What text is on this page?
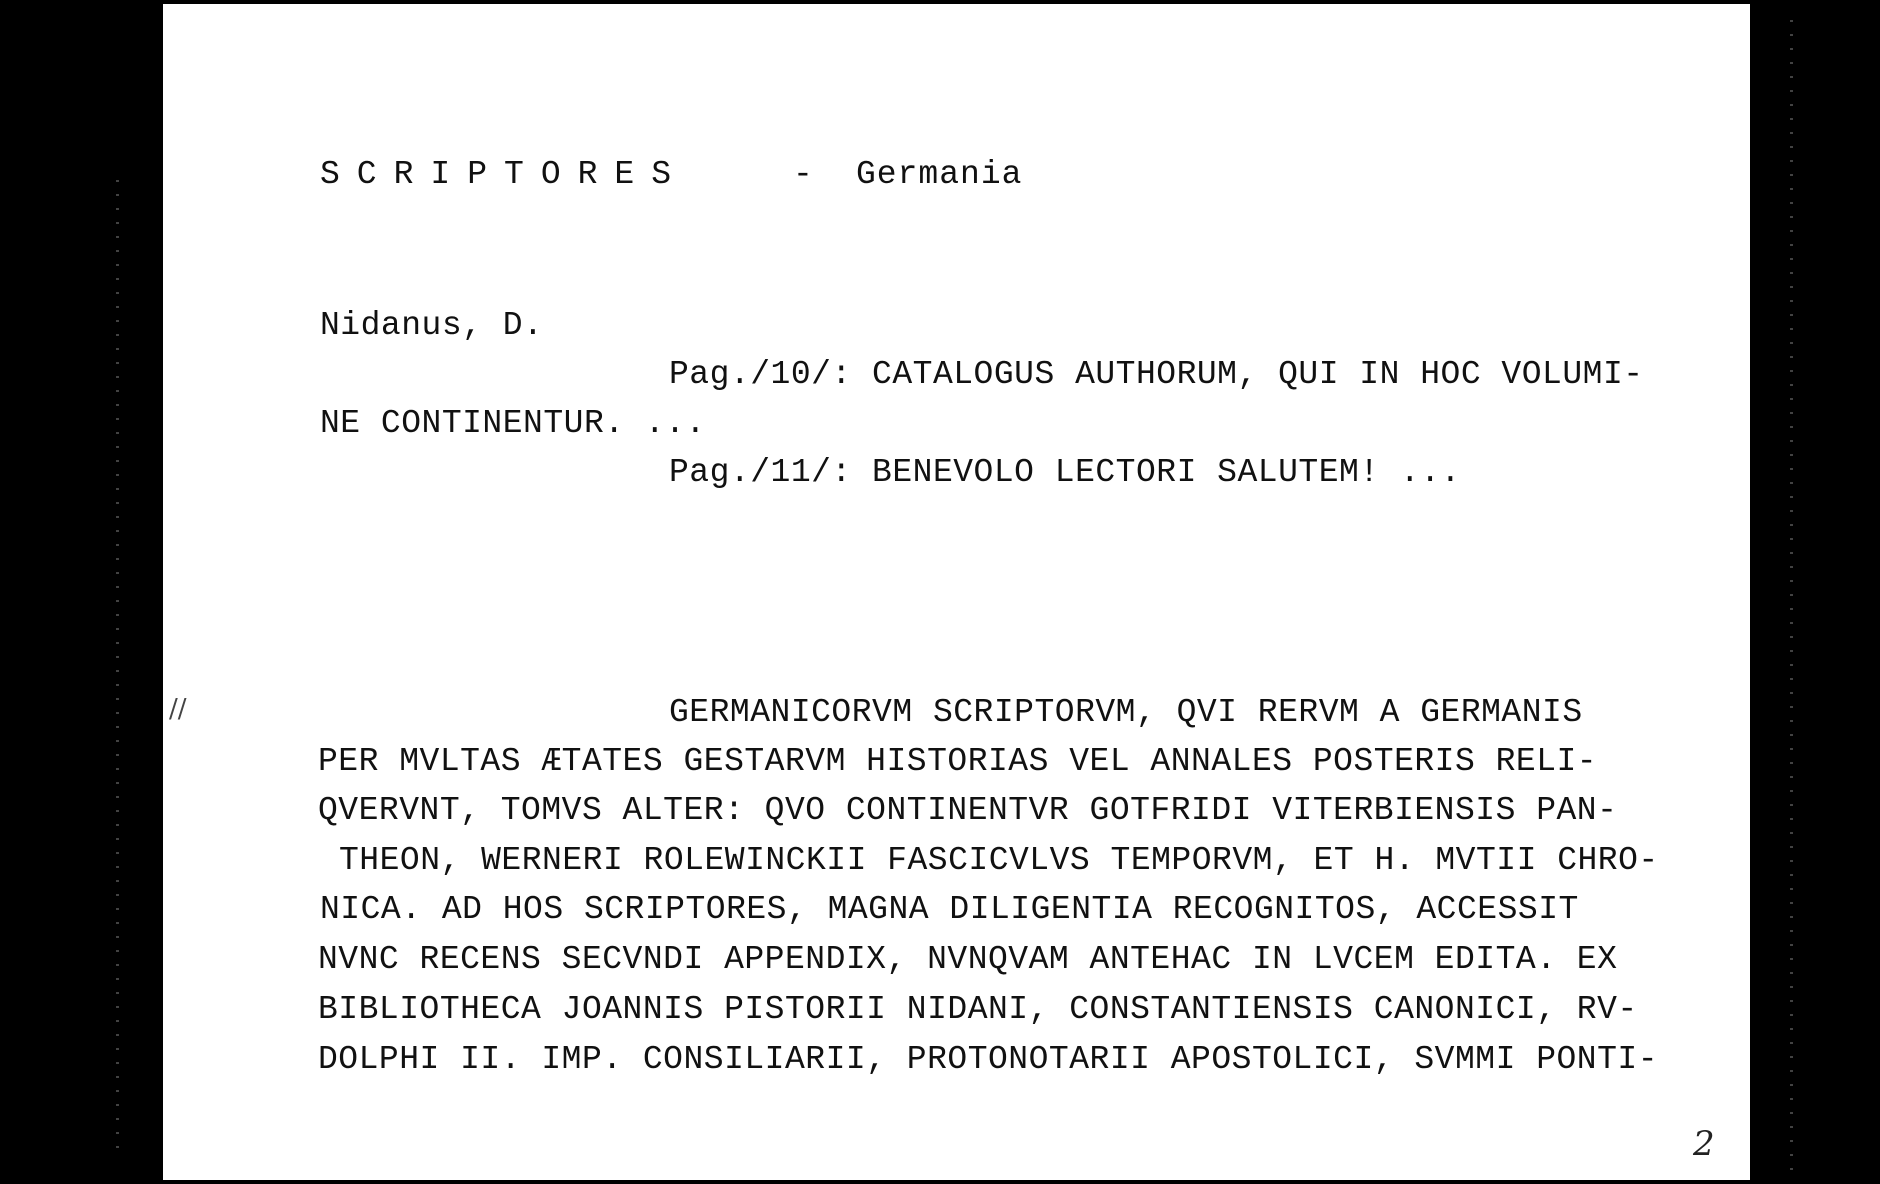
SCRIPTORES	- Germania
Nidanus, D.
Pag./10/: CATALOGUS AUTHORUM, QUI IN HOC VOLUMI-
NE CONTINENTUR. ...
Pag./11/: BENEVOLO LECTORI SALUTEM! ...
//	GERMANICORVM SCRIPTORVM, QVI RERVM A GERMANIS
PER MVLTAS ÆTATES GESTARVM HISTORIAS VEL ANNALES POSTERIS RELI-
QVERVNT, TOMVS ALTER: QVO CONTINENTVR GOTFRIDI VITERBIENSIS PAN-
THEON, WERNERI ROLEWINCKII FASCICVLVS TEMPORVM, ET H. MVTII CHRO-
NICA. AD HOS SCRIPTORES, MAGNA DILIGENTIA RECOGNITOS, ACCESSIT
NVNC RECENS SECVNDI APPENDIX, NVNQVAM ANTEHAC IN LVCEM EDITA. EX
BIBLIOTHECA JOANNIS PISTORII NIDANI, CONSTANTIENSIS CANONICI, RV-
DOLPHI II. IMP. CONSILIARII, PROTONOTARII APOSTOLICI, SVMMI PONTI-
2
